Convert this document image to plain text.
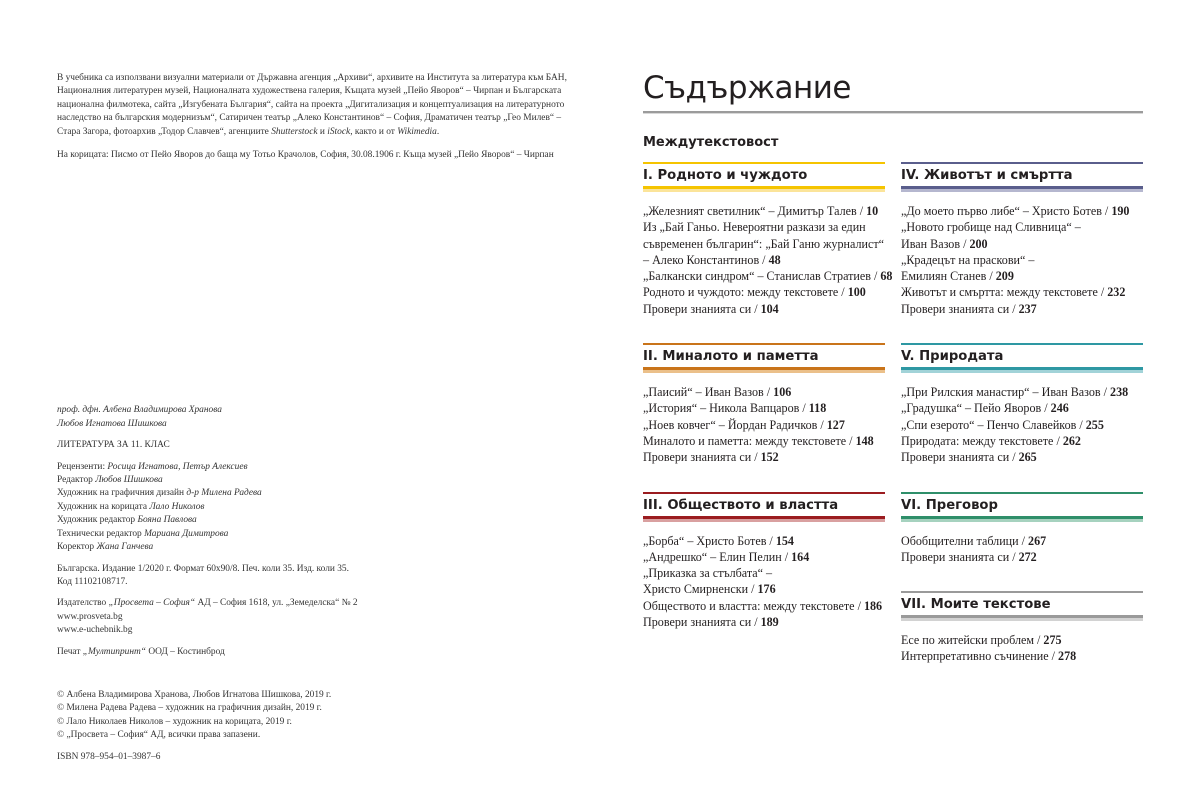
В учебника са използвани визуални материали от Държавна агенция „Архиви“, архивите на Института за литература към БАН,

Националния литературен музей, Националната художествена галерия, Къщата музей „Пейо Яворов“ – Чирпан и Българската

национална филмотека, сайта „Изгубената България“, сайта на проекта „Дигитализация и концептуализация на литературното

наследство на българския модернизъм“, Сатиричен театър „Алеко Константинов“ – София, Драматичен театър „Гео Милев“ –

Стара Загора, фотоархив „Тодор Славчев“, агенциите Shutterstock и iStock, както и от Wikimedia.

На корицата: Писмо от Пейо Яворов до баща му Тотьо Крачолов, София, 30.08.1906 г. Къща музей „Пейо Яворов“ – Чирпан

проф. дфн. Албена Владимирова Хранова

Любов Игнатова Шишкова

ЛИТЕРАТУРА ЗА 11. КЛАС

Рецензенти: Росица Игнатова, Петър Алексиев

Редактор Любов Шишкова

Художник на графичния дизайн д-р Милена Радева

Художник на корицата Лало Николов

Художник редактор Бояна Павлова

Технически редактор Мариана Димитрова

Коректор Жана Ганчева

Българска. Издание 1/2020 г. Формат 60x90/8. Печ. коли 35. Изд. коли 35.

Код 11102108717.

Издателство „Просвета – София“ АД – София 1618, ул. „Земеделска“ № 2

www.prosveta.bg

www.e-uchebnik.bg

Печат „Мултипринт“ ООД – Костинброд

© Албена Владимирова Хранова, Любов Игнатова Шишкова, 2019 г.

© Милена Радева Радева – художник на графичния дизайн, 2019 г.

© Лало Николаев Николов – художник на корицата, 2019 г.

© „Просвета – София“ АД, всички права запазени.

ISBN 978–954–01–3987–6
Съдържание
Междутекстовост
I. Родното и чуждото
„Железният светилник“ – Димитър Талев / 10
Из „Бай Ганьо. Невероятни разкази за един
съвременен българин“: „Бай Ганю журналист“
– Алеко Константинов / 48
„Балкански синдром“ – Станислав Стратиев / 68
Родното и чуждото: между текстовете / 100
Провери знанията си / 104
II. Миналото и паметта
„Паисий“ – Иван Вазов / 106
„История“ – Никола Вапцаров / 118
„Ноев ковчег“ – Йордан Радичков / 127
Миналото и паметта: между текстовете / 148
Провери знанията си / 152
III. Обществото и властта
„Борба“ – Христо Ботев / 154
„Андрешко“ – Елин Пелин / 164
„Приказка за стълбата“ –
Христо Смирненски / 176
Обществото и властта: между текстовете / 186
Провери знанията си / 189
IV. Животът и смъртта
„До моето първо либе“ – Христо Ботев / 190
„Новото гробище над Сливница“ –
Иван Вазов / 200
„Крадецът на праскови“ –
Емилиян Станев / 209
Животът и смъртта: между текстовете / 232
Провери знанията си / 237
V. Природата
„При Рилския манастир“ – Иван Вазов / 238
„Градушка“ – Пейо Яворов / 246
„Спи езерото“ – Пенчо Славейков / 255
Природата: между текстовете / 262
Провери знанията си / 265
VI. Преговор
Обобщителни таблици / 267
Провери знанията си / 272
VII. Моите текстове
Есе по житейски проблем / 275
Интерпретативно съчинение / 278
